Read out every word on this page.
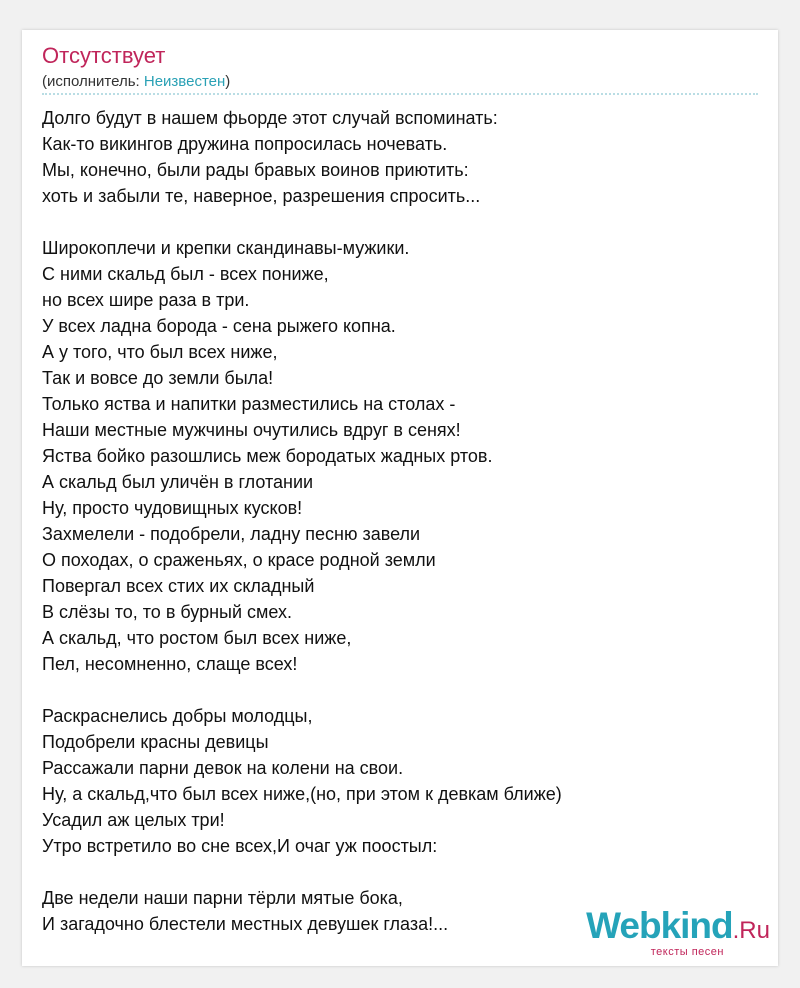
Отсутствует
(исполнитель: Неизвестен)
Долго будут в нашем фьорде этот случай вспоминать:
Как-то викингов дружина попросилась ночевать.
Мы, конечно, были рады бравых воинов приютить:
хоть и забыли те, наверное, разрешения спросить...
Широкоплечи и крепки скандинавы-мужики.
С ними скальд был - всех пониже,
но всех шире раза в три.
У всех ладна борода - сена рыжего копна.
А у того, что был всех ниже,
Так и вовсе до земли была!
Только яства и напитки разместились на столах -
Наши местные мужчины очутились вдруг в сенях!
Яства бойко разошлись меж бородатых жадных ртов.
А скальд был уличён в глотании
Ну, просто чудовищных кусков!
Захмелели - подобрели, ладну песню завели
О походах, о сраженьях, о красе родной земли
Повергал всех стих их складный
В слёзы то, то в бурный смех.
А скальд, что ростом был всех ниже,
Пел, несомненно, слаще всех!
Раскраснелись добры молодцы,
Подобрели красны девицы
Рассажали парни девок на колени на свои.
Ну, а скальд,что был всех ниже,(но, при этом к девкам ближе)
Усадил аж целых три!
Утро встретило во сне всех,И очаг уж поостыл:
Две недели наши парни тёрли мятые бока,
И загадочно блестели местных девушек глаза!...	Webkind.Ru
тексты песен
